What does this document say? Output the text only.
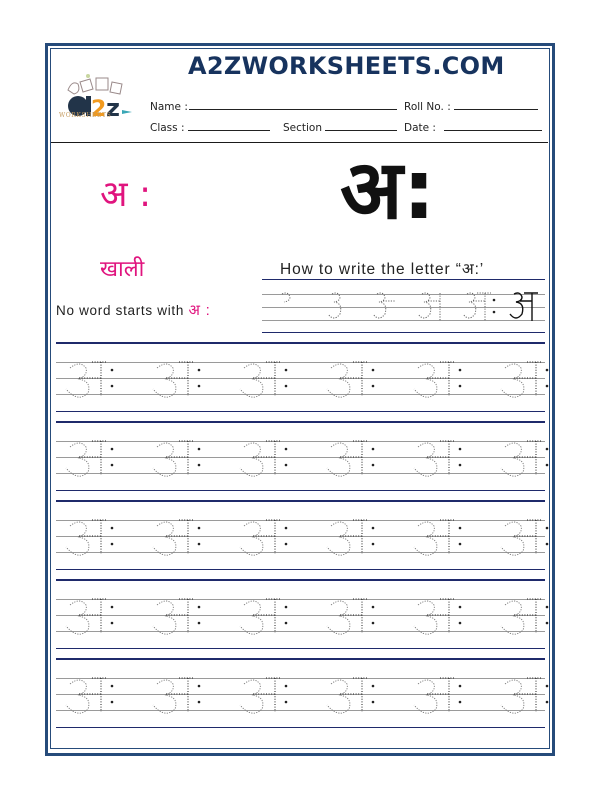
2 z
WORKSHEETS
A2ZWORKSHEETS.COM
Name :	Roll No. :
Class :	Section	Date :
अ : अ:
खाली	How to write the letter “अ:’
No word starts with अ :
